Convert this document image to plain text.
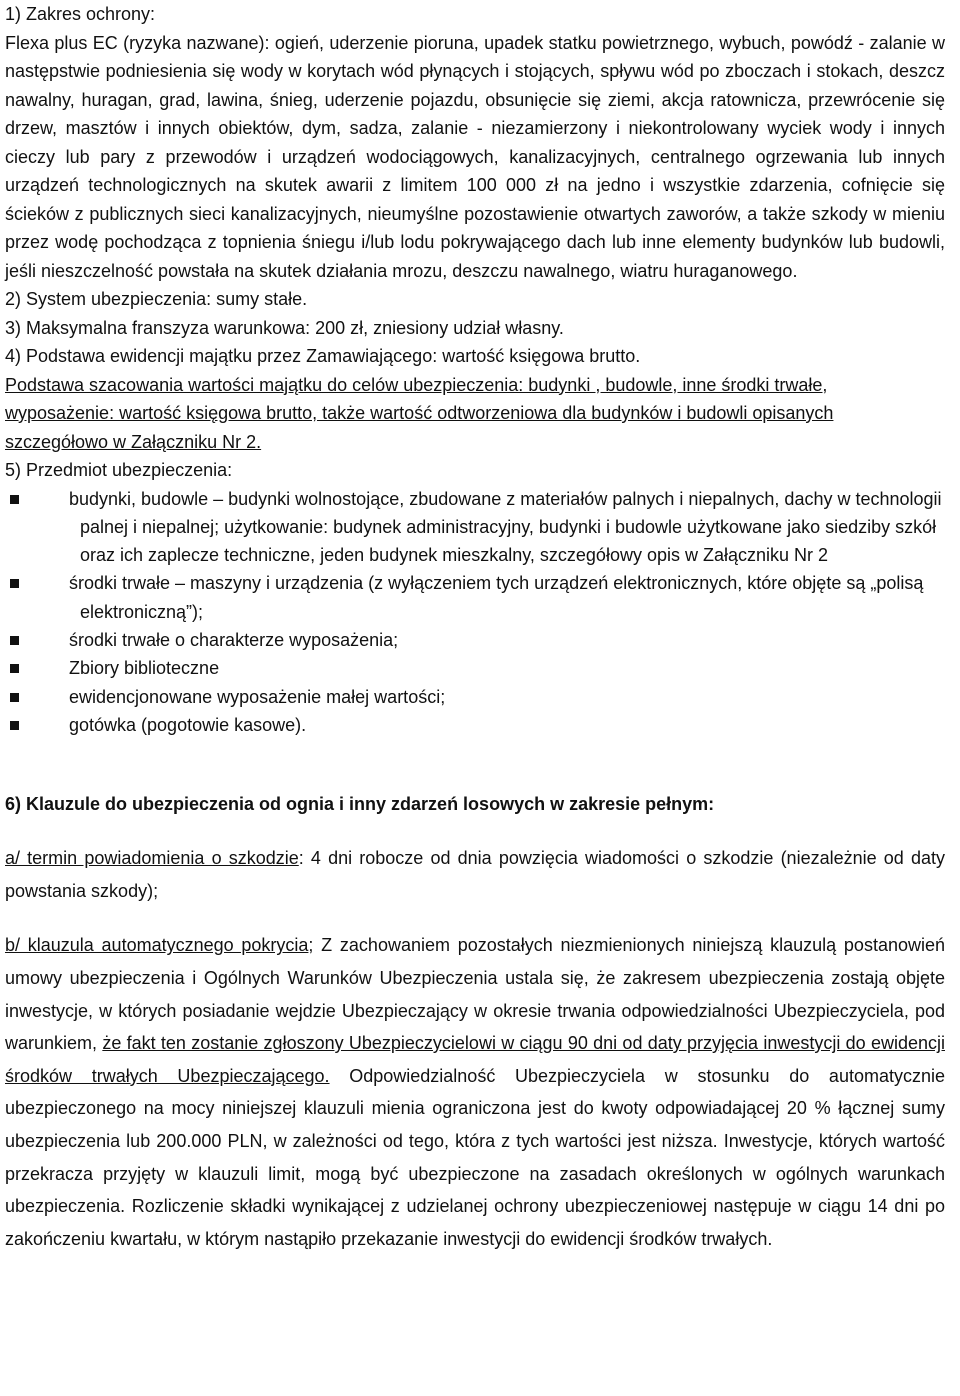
1) Zakres ochrony:

Flexa plus EC (ryzyka nazwane): ogień, uderzenie pioruna, upadek statku powietrznego, wybuch, powódź - zalanie w następstwie podniesienia się wody w korytach wód płynących i stojących, spływu wód po zboczach i stokach, deszcz nawalny, huragan, grad, lawina, śnieg, uderzenie pojazdu, obsunięcie się ziemi, akcja ratownicza, przewrócenie się drzew, masztów i innych obiektów, dym, sadza, zalanie - niezamierzony i niekontrolowany wyciek wody i innych cieczy lub pary z przewodów i urządzeń wodociągowych, kanalizacyjnych, centralnego ogrzewania lub innych urządzeń technologicznych na skutek awarii z limitem 100 000 zł na jedno i wszystkie zdarzenia, cofnięcie się ścieków z publicznych sieci kanalizacyjnych, nieumyślne pozostawienie otwartych zaworów, a także szkody w mieniu przez wodę pochodząca z topnienia śniegu i/lub lodu pokrywającego dach lub inne elementy budynków lub budowli, jeśli nieszczelność powstała na skutek działania mrozu, deszczu nawalnego, wiatru huraganowego.

2) System ubezpieczenia: sumy stałe.

3) Maksymalna franszyza warunkowa: 200 zł, zniesiony udział własny.

4) Podstawa ewidencji majątku przez Zamawiającego: wartość księgowa brutto.

Podstawa szacowania wartości majątku do celów ubezpieczenia: budynki , budowle, inne środki trwałe, wyposażenie: wartość księgowa brutto, także wartość odtworzeniowa dla budynków i budowli opisanych szczegółowo w Załączniku Nr 2.

5) Przedmiot ubezpieczenia:

budynki, budowle – budynki wolnostojące, zbudowane z materiałów palnych i niepalnych, dachy w technologii palnej i niepalnej; użytkowanie: budynek administracyjny, budynki i budowle użytkowane jako siedziby szkół oraz ich zaplecze techniczne, jeden budynek mieszkalny, szczegółowy opis w Załączniku Nr 2
środki trwałe – maszyny i urządzenia (z wyłączeniem tych urządzeń elektronicznych, które objęte są „polisą elektroniczną”);
środki trwałe o charakterze wyposażenia;
Zbiory biblioteczne
ewidencjonowane wyposażenie małej wartości;
gotówka (pogotowie kasowe).

6) Klauzule do ubezpieczenia od ognia i inny zdarzeń losowych w zakresie pełnym:

a/ termin powiadomienia o szkodzie: 4 dni robocze od dnia powzięcia wiadomości o szkodzie (niezależnie od daty powstania szkody);

b/ klauzula automatycznego pokrycia; Z zachowaniem pozostałych niezmienionych niniejszą klauzulą postanowień umowy ubezpieczenia i Ogólnych Warunków Ubezpieczenia ustala się, że zakresem ubezpieczenia zostają objęte inwestycje, w których posiadanie wejdzie Ubezpieczający w okresie trwania odpowiedzialności Ubezpieczyciela, pod warunkiem, że fakt ten zostanie zgłoszony Ubezpieczycielowi w ciągu 90 dni od daty przyjęcia inwestycji do ewidencji środków trwałych Ubezpieczającego. Odpowiedzialność Ubezpieczyciela w stosunku do automatycznie ubezpieczonego na mocy niniejszej klauzuli mienia ograniczona jest do kwoty odpowiadającej 20 % łącznej sumy ubezpieczenia lub 200.000 PLN, w zależności od tego, która z tych wartości jest niższa. Inwestycje, których wartość przekracza przyjęty w klauzuli limit, mogą być ubezpieczone na zasadach określonych w ogólnych warunkach ubezpieczenia. Rozliczenie składki wynikającej z udzielanej ochrony ubezpieczeniowej następuje w ciągu 14 dni po zakończeniu kwartału, w którym nastąpiło przekazanie inwestycji do ewidencji środków trwałych.
